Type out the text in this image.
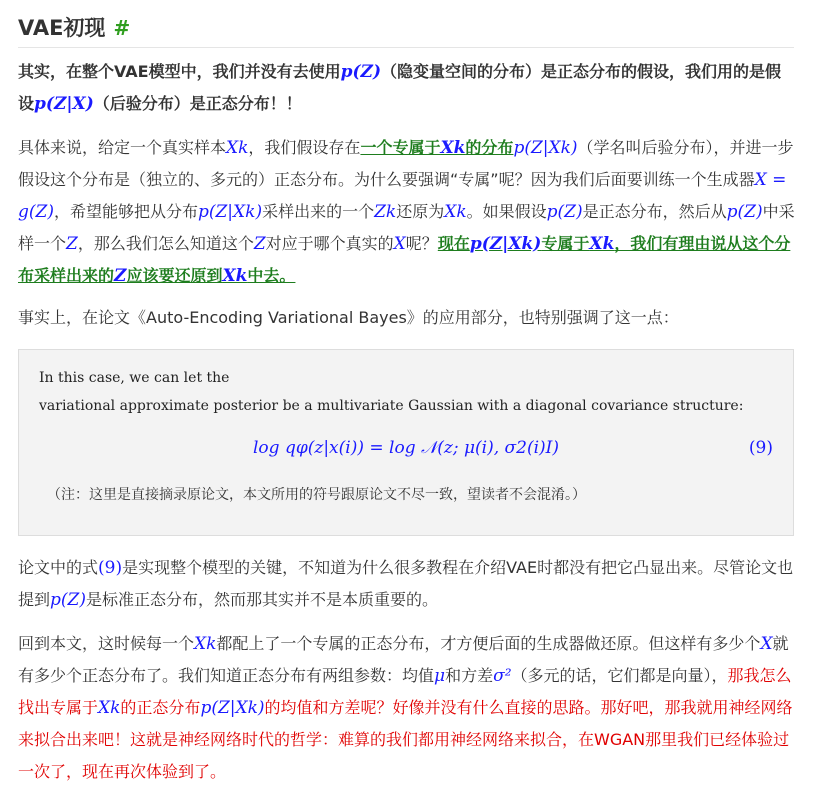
VAE初现 #

其实，在整个VAE模型中，我们并没有去使用p(Z)（隐变量空间的分布）是正态分布的假设，我们用的是假设p(Z|X)（后验分布）是正态分布！！

具体来说，给定一个真实样本Xk，我们假设存在一个专属于Xk的分布p(Z|Xk)（学名叫后验分布），并进一步假设这个分布是（独立的、多元的）正态分布。为什么要强调“专属”呢？因为我们后面要训练一个生成器X = g(Z)，希望能够把从分布p(Z|Xk)采样出来的一个Zk还原为Xk。如果假设p(Z)是正态分布，然后从p(Z)中采样一个Z，那么我们怎么知道这个Z对应于哪个真实的X呢？现在p(Z|Xk)专属于Xk，我们有理由说从这个分布采样出来的Z应该要还原到Xk中去。

事实上，在论文《Auto-Encoding Variational Bayes》的应用部分，也特别强调了这一点：

In this case, we can let the
variational approximate posterior be a multivariate Gaussian with a diagonal covariance structure:
log qφ(z|x(i)) = log 𝒩(z; μ(i), σ2(i)I)	(9)
（注：这里是直接摘录原论文，本文所用的符号跟原论文不尽一致，望读者不会混淆。）

论文中的式(9)是实现整个模型的关键，不知道为什么很多教程在介绍VAE时都没有把它凸显出来。尽管论文也提到p(Z)是标准正态分布，然而那其实并不是本质重要的。

回到本文，这时候每一个Xk都配上了一个专属的正态分布，才方便后面的生成器做还原。但这样有多少个X就有多少个正态分布了。我们知道正态分布有两组参数：均值μ和方差σ²（多元的话，它们都是向量），那我怎么找出专属于Xk的正态分布p(Z|Xk)的均值和方差呢？好像并没有什么直接的思路。那好吧，那我就用神经网络来拟合出来吧！这就是神经网络时代的哲学：难算的我们都用神经网络来拟合，在WGAN那里我们已经体验过一次了，现在再次体验到了。
